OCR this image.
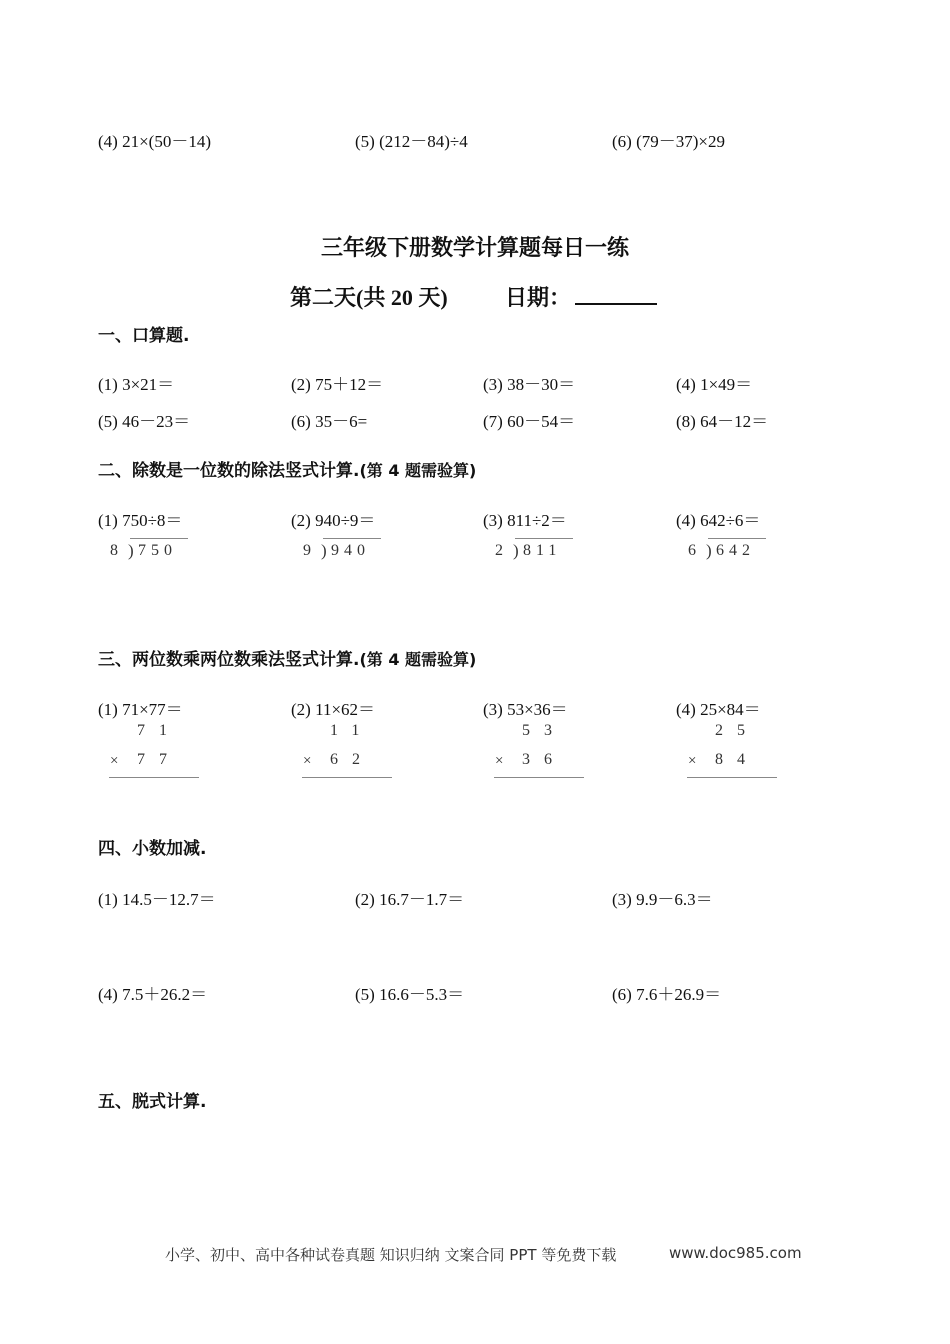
(4) 21×(50－14)	(5) (212－84)÷4	(6) (79－37)×29
三年级下册数学计算题每日一练
第二天(共 20 天)	日期：
一、口算题.
(1) 3×21＝	(2) 75＋12＝	(3) 38－30＝	(4) 1×49＝
(5) 46－23＝	(6) 35－6=	(7) 60－54＝	(8) 64－12＝
二、除数是一位数的除法竖式计算.(第 4 题需验算)
(1) 750÷8＝	(2) 940÷9＝	(3) 811÷2＝	(4) 642÷6＝
8 ) 750	9 ) 940	2 ) 811	6 ) 642
三、两位数乘两位数乘法竖式计算.(第 4 题需验算)
(1) 71×77＝	(2) 11×62＝	(3) 53×36＝	(4) 25×84＝
71
× 77
11
× 62
53
× 36
25
× 84
四、小数加减.
(1) 14.5－12.7＝	(2) 16.7－1.7＝	(3) 9.9－6.3＝
(4) 7.5＋26.2＝	(5) 16.6－5.3＝	(6) 7.6＋26.9＝
五、脱式计算.
小学、初中、高中各种试卷真题 知识归纳 文案合同 PPT 等免费下载	www.doc985.com
